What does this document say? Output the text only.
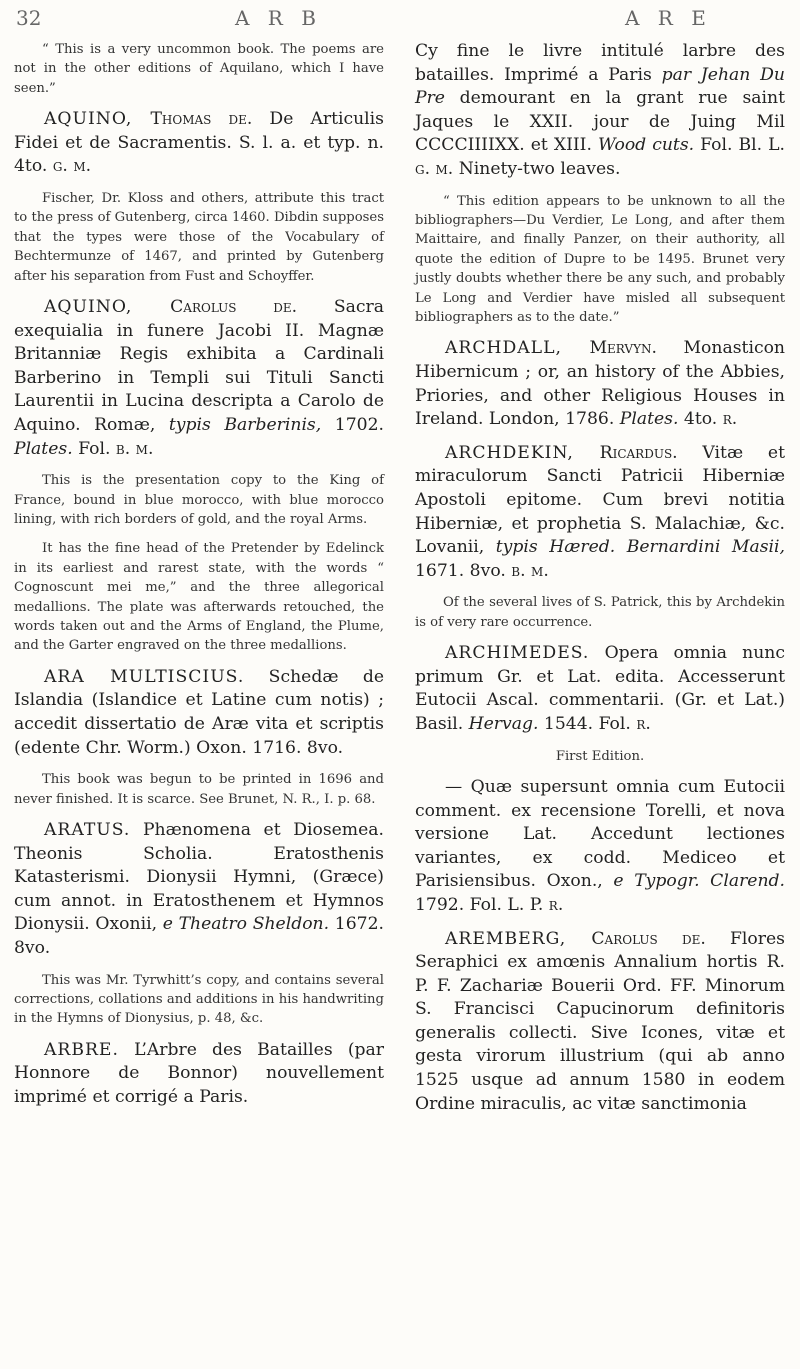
32	A R B	A R E

“ This is a very uncommon book. The poems are not in the other editions of Aquilano, which I have seen.”

AQUINO, Thomas de. De Articulis Fidei et de Sacramentis. S. l. a. et typ. n. 4to. g. m.

Fischer, Dr. Kloss and others, attribute this tract to the press of Gutenberg, circa 1460. Dibdin supposes that the types were those of the Vocabulary of Bechtermunze of 1467, and printed by Gutenberg after his separation from Fust and Schoyffer.

AQUINO, Carolus de. Sacra exequialia in funere Jacobi II. Magnæ Britanniæ Regis exhibita a Cardinali Barberino in Templi sui Tituli Sancti Laurentii in Lucina descripta a Carolo de Aquino. Romæ, typis Barberinis, 1702. Plates. Fol. b. m.

This is the presentation copy to the King of France, bound in blue morocco, with blue morocco lining, with rich borders of gold, and the royal Arms.

It has the fine head of the Pretender by Edelinck in its earliest and rarest state, with the words “ Cognoscunt mei me,” and the three allegorical medallions. The plate was afterwards retouched, the words taken out and the Arms of England, the Plume, and the Garter engraved on the three medallions.

ARA MULTISCIUS. Schedæ de Islandia (Islandice et Latine cum notis) ; accedit dissertatio de Aræ vita et scriptis (edente Chr. Worm.) Oxon. 1716. 8vo.

This book was begun to be printed in 1696 and never finished. It is scarce. See Brunet, N. R., I. p. 68.

ARATUS. Phænomena et Diosemea. Theonis Scholia. Eratosthenis Katasterismi. Dionysii Hymni, (Græce) cum annot. in Eratosthenem et Hymnos Dionysii. Oxonii, e Theatro Sheldon. 1672. 8vo.

This was Mr. Tyrwhitt’s copy, and contains several corrections, collations and additions in his handwriting in the Hymns of Dionysius, p. 48, &c.

ARBRE. L’Arbre des Batailles (par Honnore de Bonnor) nouvellement imprimé et corrigé a Paris.

Cy fine le livre intitulé larbre des batailles. Imprimé a Paris par Jehan Du Pre demourant en la grant rue saint Jaques le XXII. jour de Juing Mil CCCCIIIIXX. et XIII. Wood cuts. Fol. Bl. L. g. m. Ninety-two leaves.

“ This edition appears to be unknown to all the bibliographers—Du Verdier, Le Long, and after them Maittaire, and finally Panzer, on their authority, all quote the edition of Dupre to be 1495. Brunet very justly doubts whether there be any such, and probably Le Long and Verdier have misled all subsequent bibliographers as to the date.”

ARCHDALL, Mervyn. Monasticon Hibernicum ; or, an history of the Abbies, Priories, and other Religious Houses in Ireland. London, 1786. Plates. 4to. r.

ARCHDEKIN, Ricardus. Vitæ et miraculorum Sancti Patricii Hiberniæ Apostoli epitome. Cum brevi notitia Hiberniæ, et prophetia S. Malachiæ, &c. Lovanii, typis Hæred. Bernardini Masii, 1671. 8vo. b. m.

Of the several lives of S. Patrick, this by Archdekin is of very rare occurrence.

ARCHIMEDES. Opera omnia nunc primum Gr. et Lat. edita. Accesserunt Eutocii Ascal. commentarii. (Gr. et Lat.) Basil. Hervag. 1544. Fol. r.

First Edition.

— Quæ supersunt omnia cum Eutocii comment. ex recensione Torelli, et nova versione Lat. Accedunt lectiones variantes, ex codd. Mediceo et Parisiensibus. Oxon., e Typogr. Clarend. 1792. Fol. L. P. r.

AREMBERG, Carolus de. Flores Seraphici ex amœnis Annalium hortis R. P. F. Zachariæ Bouerii Ord. FF. Minorum S. Francisci Capucinorum definitoris generalis collecti. Sive Icones, vitæ et gesta virorum illustrium (qui ab anno 1525 usque ad annum 1580 in eodem Ordine miraculis, ac vitæ sanctimonia
